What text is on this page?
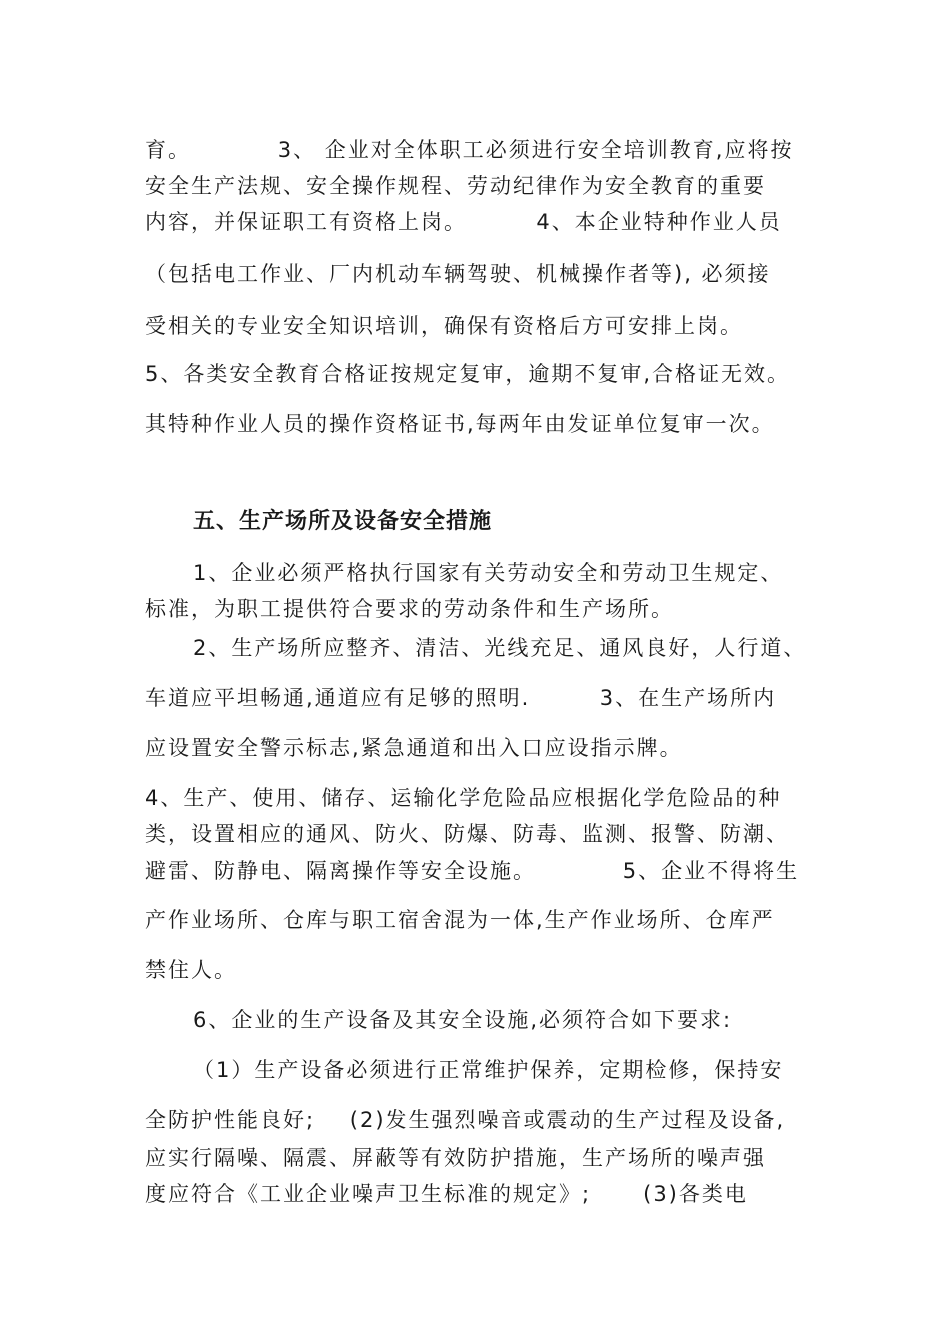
育。          3、 企业对全体职工必须进行安全培训教育,应将按
安全生产法规、安全操作规程、劳动纪律作为安全教育的重要
内容，并保证职工有资格上岗。        4、本企业特种作业人员
（包括电工作业、厂内机动车辆驾驶、机械操作者等), 必须接
受相关的专业安全知识培训，确保有资格后方可安排上岗。
5、各类安全教育合格证按规定复审，逾期不复审,合格证无效。
其特种作业人员的操作资格证书,每两年由发证单位复审一次。
五、生产场所及设备安全措施
1、企业必须严格执行国家有关劳动安全和劳动卫生规定、
标准，为职工提供符合要求的劳动条件和生产场所。
2、生产场所应整齐、清洁、光线充足、通风良好，人行道、
车道应平坦畅通,通道应有足够的照明.        3、在生产场所内
应设置安全警示标志,紧急通道和出入口应设指示牌。
4、生产、使用、储存、运输化学危险品应根据化学危险品的种
类，设置相应的通风、防火、防爆、防毒、监测、报警、防潮、
避雷、防静电、隔离操作等安全设施。          5、企业不得将生
产作业场所、仓库与职工宿舍混为一体,生产作业场所、仓库严
禁住人。
6、企业的生产设备及其安全设施,必须符合如下要求:
（1）生产设备必须进行正常维护保养，定期检修，保持安
全防护性能良好;    (2)发生强烈噪音或震动的生产过程及设备,
应实行隔噪、隔震、屏蔽等有效防护措施，生产场所的噪声强
度应符合《工业企业噪声卫生标准的规定》;      (3)各类电
